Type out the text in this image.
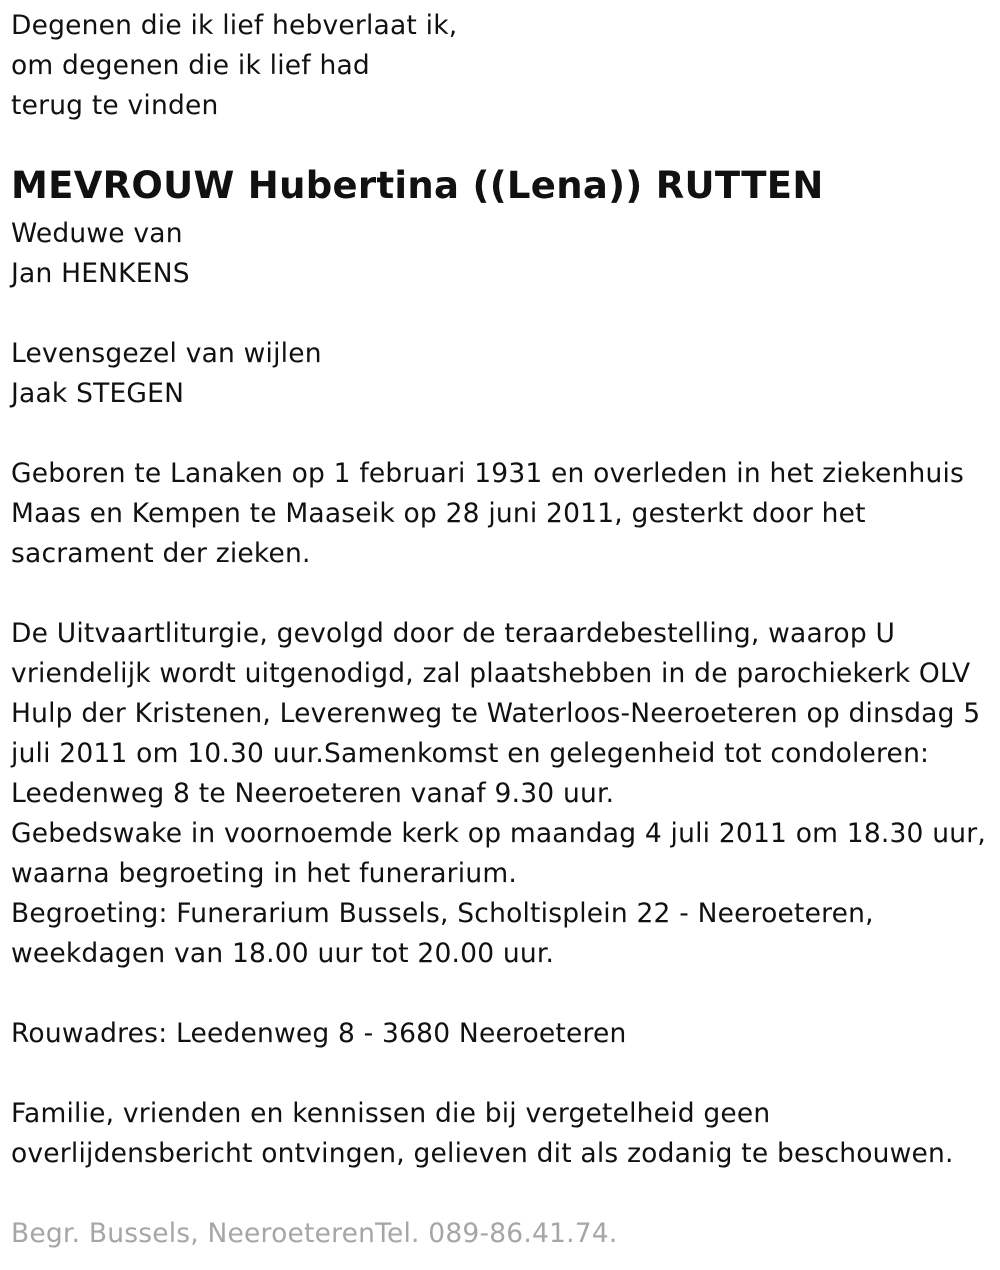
Degenen die ik lief hebverlaat ik,
om degenen die ik lief had
terug te vinden
MEVROUW Hubertina ((Lena)) RUTTEN
Weduwe van
Jan HENKENS
Levensgezel van wijlen
Jaak STEGEN
Geboren te Lanaken op 1 februari 1931 en overleden in het ziekenhuis
Maas en Kempen te Maaseik op 28 juni 2011, gesterkt door het
sacrament der zieken.
De Uitvaartliturgie, gevolgd door de teraardebestelling, waarop U
vriendelijk wordt uitgenodigd, zal plaatshebben in de parochiekerk OLV
Hulp der Kristenen, Leverenweg te Waterloos-Neeroeteren op dinsdag 5
juli 2011 om 10.30 uur.Samenkomst en gelegenheid tot condoleren:
Leedenweg 8 te Neeroeteren vanaf 9.30 uur.
Gebedswake in voornoemde kerk op maandag 4 juli 2011 om 18.30 uur,
waarna begroeting in het funerarium.
Begroeting: Funerarium Bussels, Scholtisplein 22 - Neeroeteren,
weekdagen van 18.00 uur tot 20.00 uur.
Rouwadres: Leedenweg 8 - 3680 Neeroeteren
Familie, vrienden en kennissen die bij vergetelheid geen
overlijdensbericht ontvingen, gelieven dit als zodanig te beschouwen.
Begr. Bussels, NeeroeterenTel. 089-86.41.74.
